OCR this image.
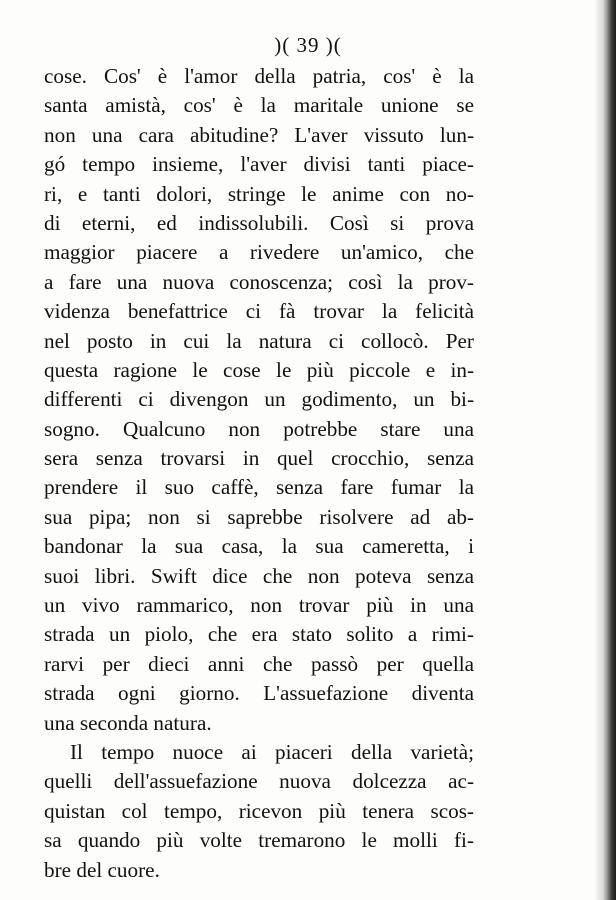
)( 39 )(
cose. Cos' è l'amor della patria, cos' è la
santa amistà, cos' è la maritale unione se
non una cara abitudine? L'aver vissuto lun-
gó tempo insieme, l'aver divisi tanti piace-
ri, e tanti dolori, stringe le anime con no-
di eterni, ed indissolubili. Così si prova
maggior piacere a rivedere un'amico, che
a fare una nuova conoscenza; così la prov-
videnza benefattrice ci fà trovar la felicità
nel posto in cui la natura ci collocò. Per
questa ragione le cose le più piccole e in-
differenti ci divengon un godimento, un bi-
sogno. Qualcuno non potrebbe stare una
sera senza trovarsi in quel crocchio, senza
prendere il suo caffè, senza fare fumar la
sua pipa; non si saprebbe risolvere ad ab-
bandonar la sua casa, la sua cameretta, i
suoi libri. Swift dice che non poteva senza
un vivo rammarico, non trovar più in una
strada un piolo, che era stato solito a rimi-
rarvi per dieci anni che passò per quella
strada ogni giorno. L'assuefazione diventa
una seconda natura.
Il tempo nuoce ai piaceri della varietà;
quelli dell'assuefazione nuova dolcezza ac-
quistan col tempo, ricevon più tenera scos-
sa quando più volte tremarono le molli fi-
bre del cuore.
